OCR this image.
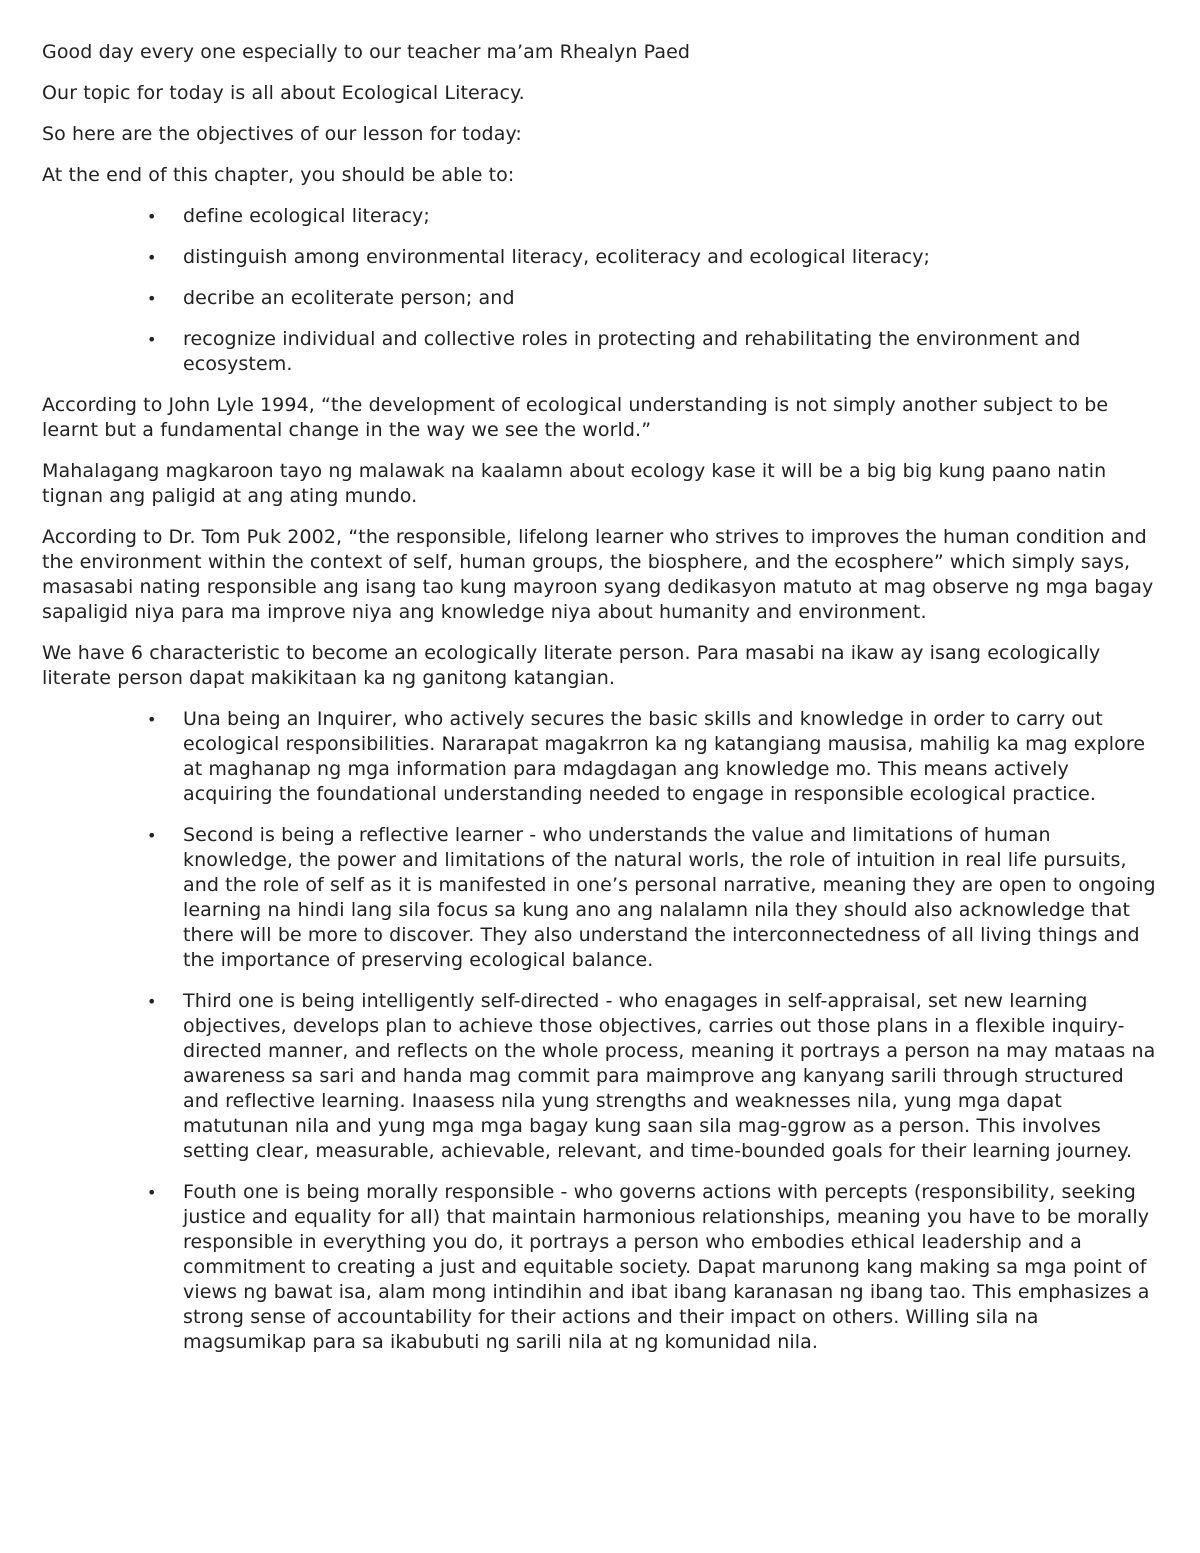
Good day every one especially to our teacher ma’am Rhealyn Paed

Our topic for today is all about Ecological Literacy.

So here are the objectives of our lesson for today:

At the end of this chapter, you should be able to:

• define ecological literacy;
• distinguish among environmental literacy, ecoliteracy and ecological literacy;
• decribe an ecoliterate person; and
• recognize individual and collective roles in protecting and rehabilitating the environment and ecosystem.

According to John Lyle 1994, “the development of ecological understanding is not simply another subject to be learnt but a fundamental change in the way we see the world.”

Mahalagang magkaroon tayo ng malawak na kaalamn about ecology kase it will be a big big kung paano natin tignan ang paligid at ang ating mundo.

According to Dr. Tom Puk 2002, “the responsible, lifelong learner who strives to improves the human condition and the environment within the context of self, human groups, the biosphere, and the ecosphere” which simply says, masasabi nating responsible ang isang tao kung mayroon syang dedikasyon matuto at mag observe ng mga bagay sapaligid niya para ma improve niya ang knowledge niya about humanity and environment.

We have 6 characteristic to become an ecologically literate person. Para masabi na ikaw ay isang ecologically literate person dapat makikitaan ka ng ganitong katangian.

• Una being an Inquirer, who actively secures the basic skills and knowledge in order to carry out ecological responsibilities. Nararapat magakrron ka ng katangiang mausisa, mahilig ka mag explore at maghanap ng mga information para mdagdagan ang knowledge mo. This means actively acquiring the foundational understanding needed to engage in responsible ecological practice.
• Second is being a reflective learner - who understands the value and limitations of human knowledge, the power and limitations of the natural worls, the role of intuition in real life pursuits, and the role of self as it is manifested in one’s personal narrative, meaning they are open to ongoing learning na hindi lang sila focus sa kung ano ang nalalamn nila they should also acknowledge that there will be more to discover. They also understand the interconnectedness of all living things and the importance of preserving ecological balance.
• Third one is being intelligently self-directed - who enagages in self-appraisal, set new learning objectives, develops plan to achieve those objectives, carries out those plans in a flexible inquiry-directed manner, and reflects on the whole process, meaning it portrays a person na may mataas na awareness sa sari and handa mag commit para maimprove ang kanyang sarili through structured and reflective learning. Inaasess nila yung strengths and weaknesses nila, yung mga dapat matutunan nila and yung mga mga bagay kung saan sila mag-ggrow as a person. This involves setting clear, measurable, achievable, relevant, and time-bounded goals for their learning journey.
• Fouth one is being morally responsible - who governs actions with percepts (responsibility, seeking justice and equality for all) that maintain harmonious relationships, meaning you have to be morally responsible in everything you do, it portrays a person who embodies ethical leadership and a commitment to creating a just and equitable society. Dapat marunong kang making sa mga point of views ng bawat isa, alam mong intindihin and ibat ibang karanasan ng ibang tao. This emphasizes a strong sense of accountability for their actions and their impact on others. Willing sila na magsumikap para sa ikabubuti ng sarili nila at ng komunidad nila.
